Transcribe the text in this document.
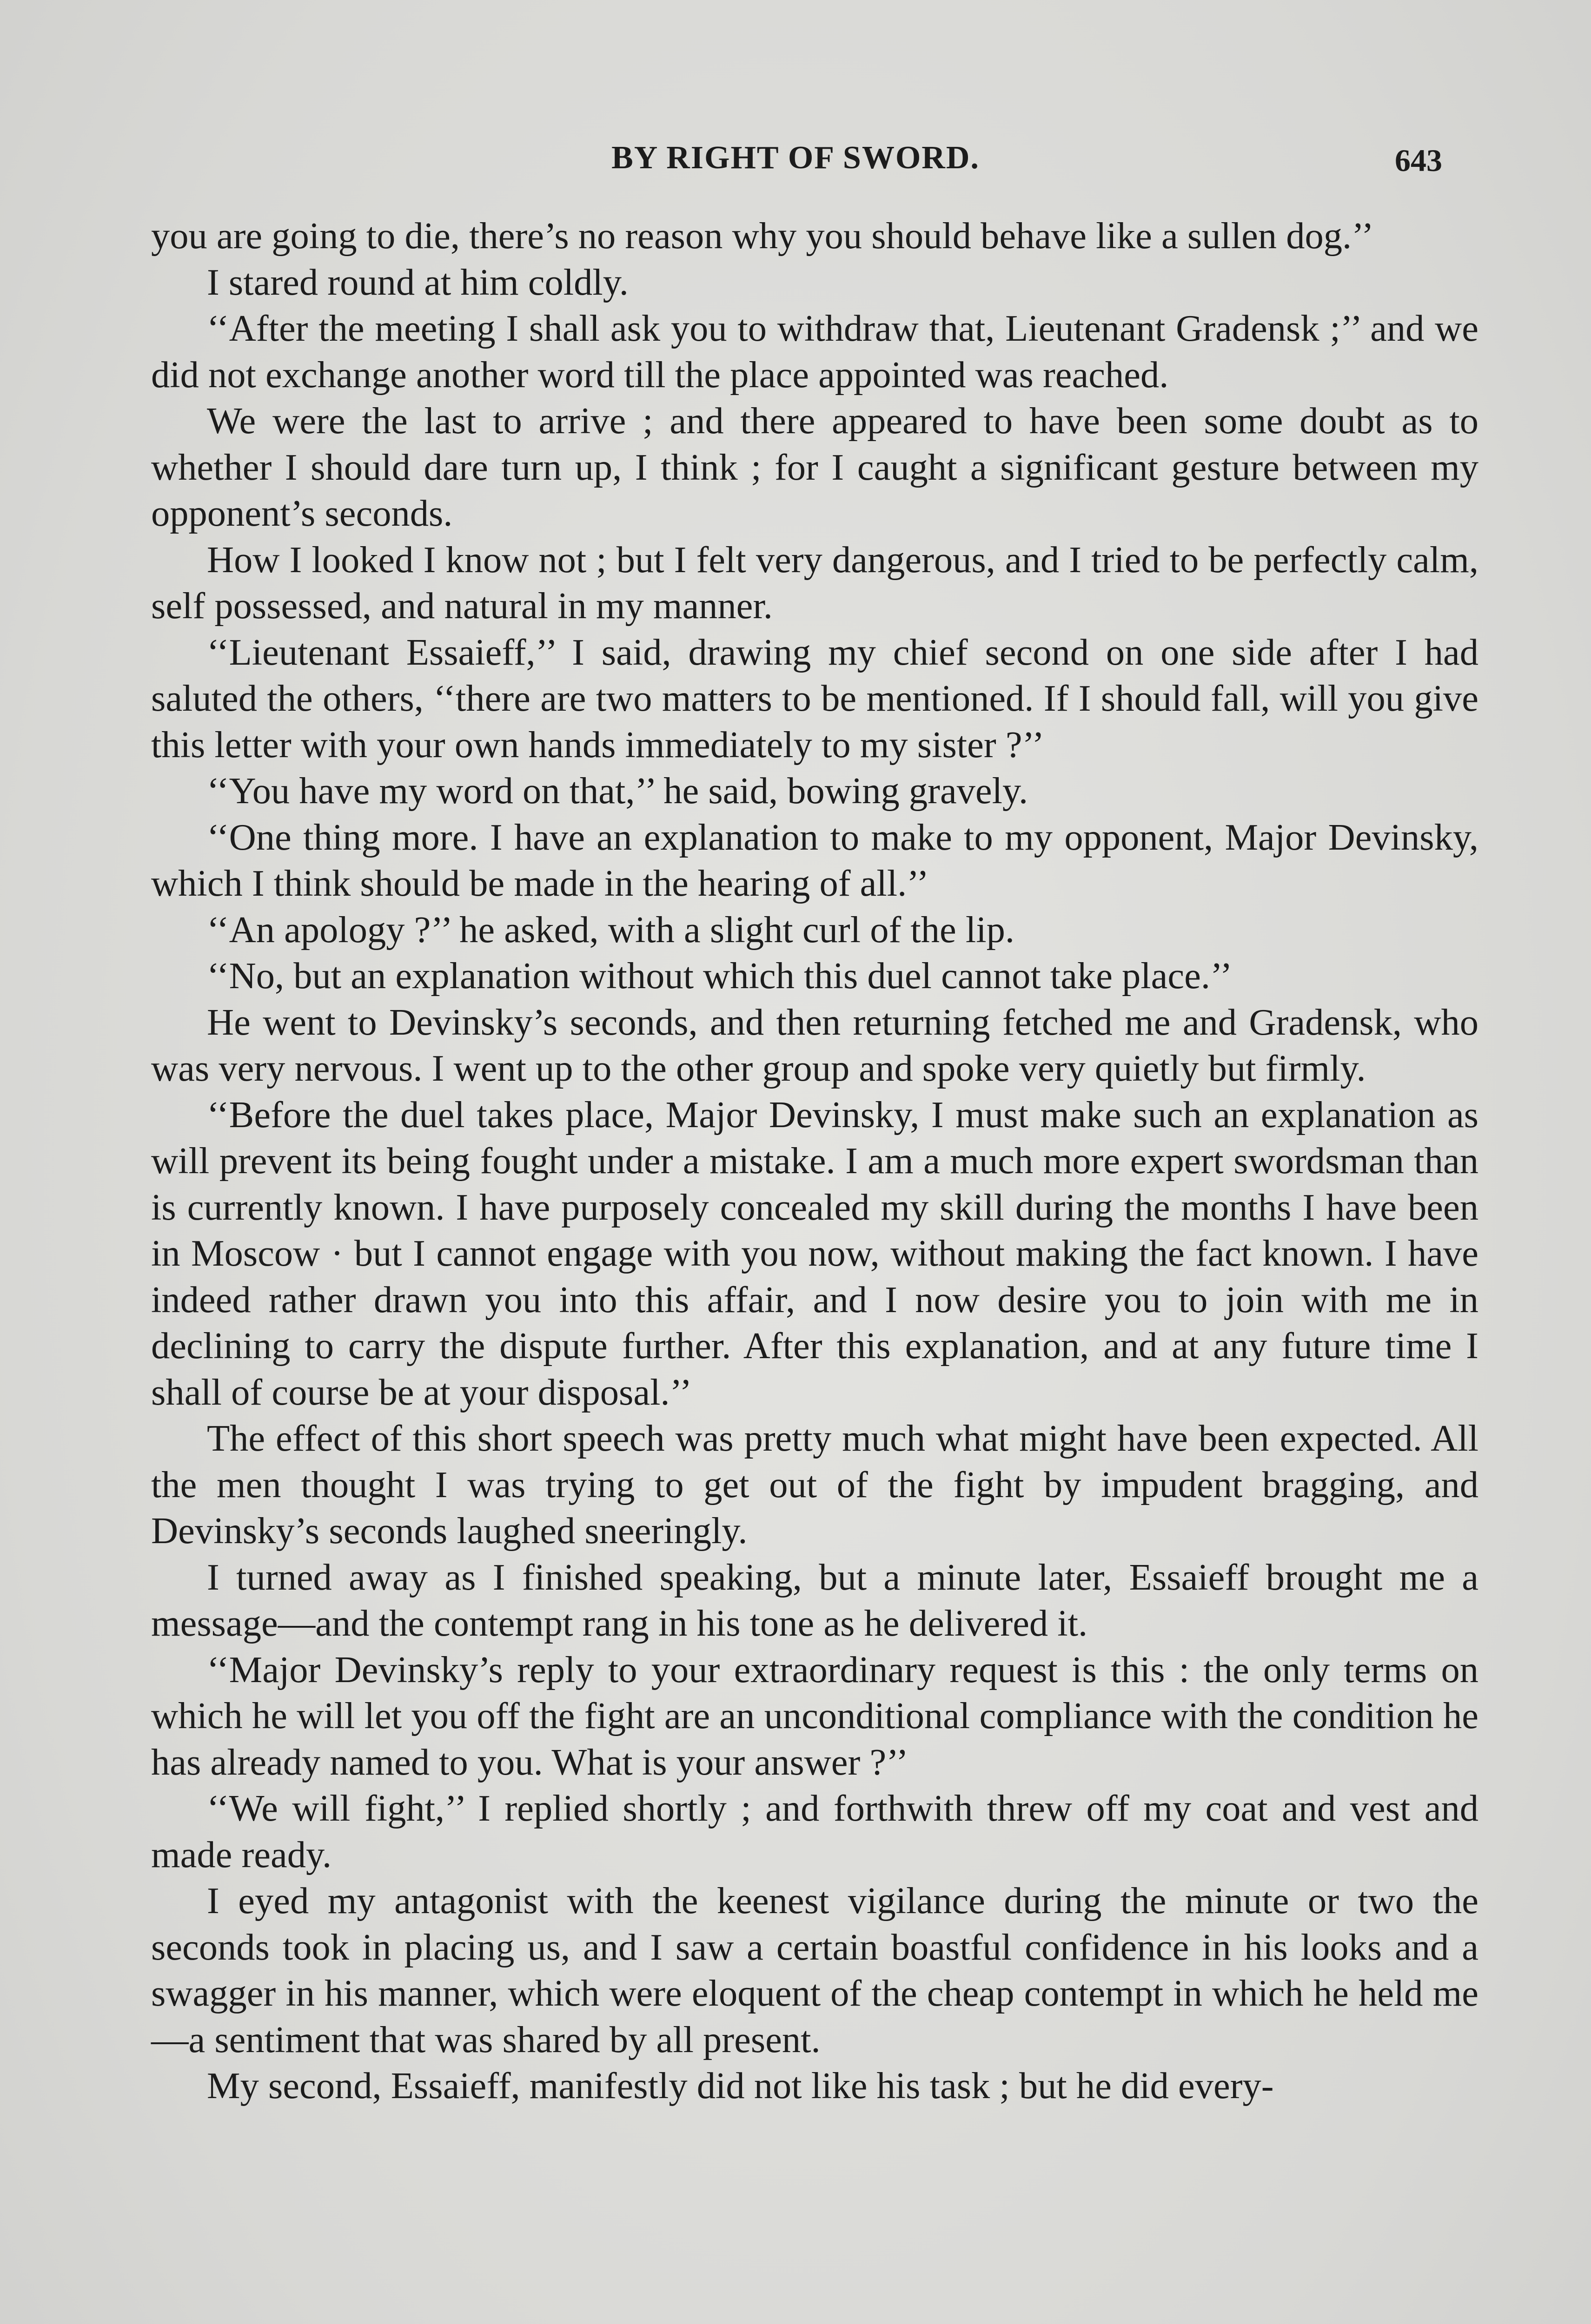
BY RIGHT OF SWORD.	643

you are going to die, there’s no reason why you should behave like a sullen dog.’’

I stared round at him coldly.

‘‘After the meeting I shall ask you to withdraw that, Lieutenant Gradensk ;’’ and we did not exchange another word till the place appointed was reached.

We were the last to arrive ; and there appeared to have been some doubt as to whether I should dare turn up, I think ; for I caught a significant gesture between my opponent’s seconds.

How I looked I know not ; but I felt very dangerous, and I tried to be perfectly calm, self possessed, and natural in my manner.

‘‘Lieutenant Essaieff,’’ I said, drawing my chief second on one side after I had saluted the others, ‘‘there are two matters to be mentioned. If I should fall, will you give this letter with your own hands immediately to my sister ?’’

‘‘You have my word on that,’’ he said, bowing gravely.

‘‘One thing more. I have an explanation to make to my opponent, Major Devinsky, which I think should be made in the hearing of all.’’

‘‘An apology ?’’ he asked, with a slight curl of the lip.

‘‘No, but an explanation without which this duel cannot take place.’’

He went to Devinsky’s seconds, and then returning fetched me and Gradensk, who was very nervous. I went up to the other group and spoke very quietly but firmly.

‘‘Before the duel takes place, Major Devinsky, I must make such an explanation as will prevent its being fought under a mistake. I am a much more expert swordsman than is currently known. I have purposely concealed my skill during the months I have been in Moscow · but I cannot engage with you now, without making the fact known. I have indeed rather drawn you into this affair, and I now desire you to join with me in declining to carry the dispute further. After this explanation, and at any future time I shall of course be at your disposal.’’

The effect of this short speech was pretty much what might have been expected. All the men thought I was trying to get out of the fight by impudent bragging, and Devinsky’s seconds laughed sneeringly.

I turned away as I finished speaking, but a minute later, Essaieff brought me a message—and the contempt rang in his tone as he delivered it.

‘‘Major Devinsky’s reply to your extraordinary request is this : the only terms on which he will let you off the fight are an unconditional compliance with the condition he has already named to you. What is your answer ?’’

‘‘We will fight,’’ I replied shortly ; and forthwith threw off my coat and vest and made ready.

I eyed my antagonist with the keenest vigilance during the minute or two the seconds took in placing us, and I saw a certain boastful confidence in his looks and a swagger in his manner, which were eloquent of the cheap contempt in which he held me—a sentiment that was shared by all present.

My second, Essaieff, manifestly did not like his task ; but he did every-
